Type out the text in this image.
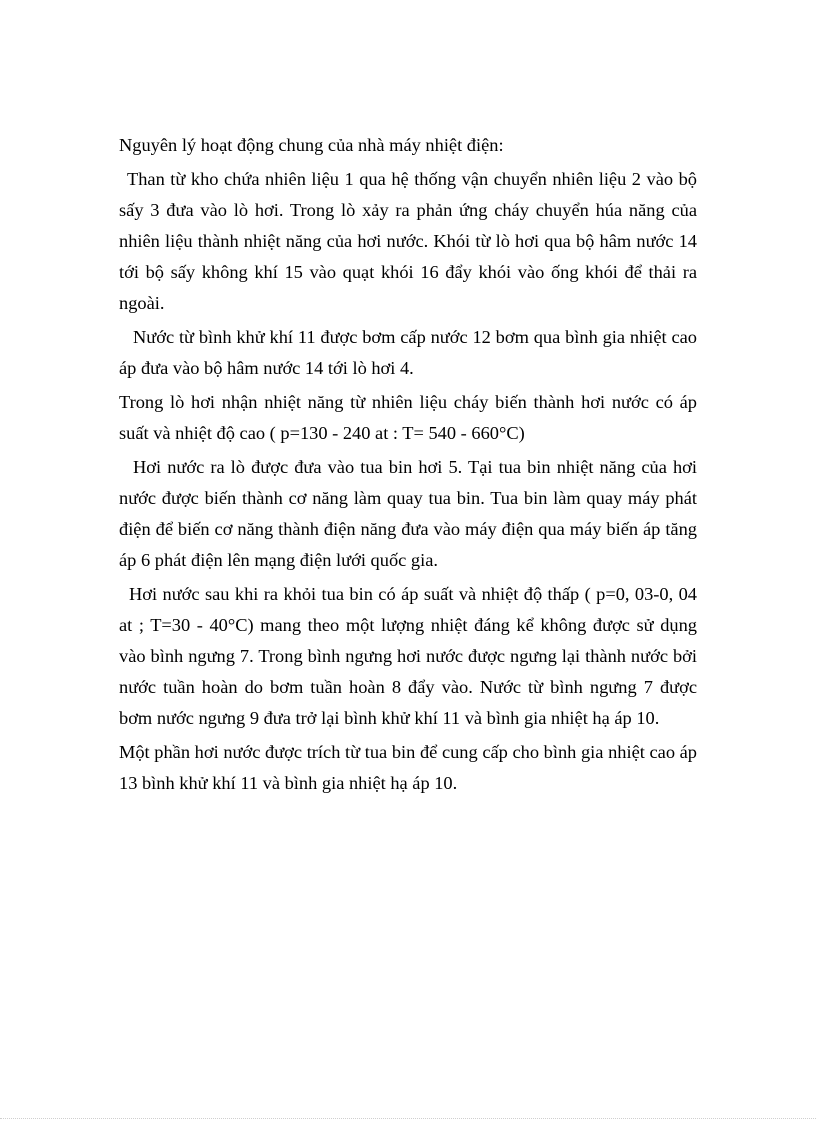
Nguyên lý hoạt động chung của nhà máy nhiệt điện:

Than từ kho chứa nhiên liệu 1 qua hệ thống vận chuyển nhiên liệu 2 vào bộ sấy 3 đưa vào lò hơi. Trong lò xảy ra phản ứng cháy chuyển húa năng của nhiên liệu thành nhiệt năng của hơi nước. Khói từ lò hơi qua bộ hâm nước 14 tới bộ sấy không khí 15 vào quạt khói 16 đẩy khói vào ống khói để thải ra ngoài.

Nước từ bình khử khí 11 được bơm cấp nước 12 bơm qua bình gia nhiệt cao áp đưa vào bộ hâm nước 14 tới lò hơi 4.

Trong lò hơi nhận nhiệt năng từ nhiên liệu cháy biến thành hơi nước có áp suất và nhiệt độ cao ( p=130 - 240 at : T= 540 - 660°C)

Hơi nước ra lò được đưa vào tua bin hơi 5. Tại tua bin nhiệt năng của hơi nước được biến thành cơ năng làm quay tua bin. Tua bin làm quay máy phát điện để biến cơ năng thành điện năng đưa vào máy điện qua máy biến áp tăng áp 6 phát điện lên mạng điện lưới quốc gia.

Hơi nước sau khi ra khỏi tua bin có áp suất và nhiệt độ thấp ( p=0, 03-0, 04 at ; T=30 - 40°C) mang theo một lượng nhiệt đáng kể không được sử dụng vào bình ngưng 7. Trong bình ngưng hơi nước được ngưng lại thành nước bởi nước tuần hoàn do bơm tuần hoàn 8 đẩy vào. Nước từ bình ngưng 7 được bơm nước ngưng 9 đưa trở lại bình khử khí 11 và bình gia nhiệt hạ áp 10.

Một phần hơi nước được trích từ tua bin để cung cấp cho bình gia nhiệt cao áp 13 bình khử khí 11 và bình gia nhiệt hạ áp 10.
